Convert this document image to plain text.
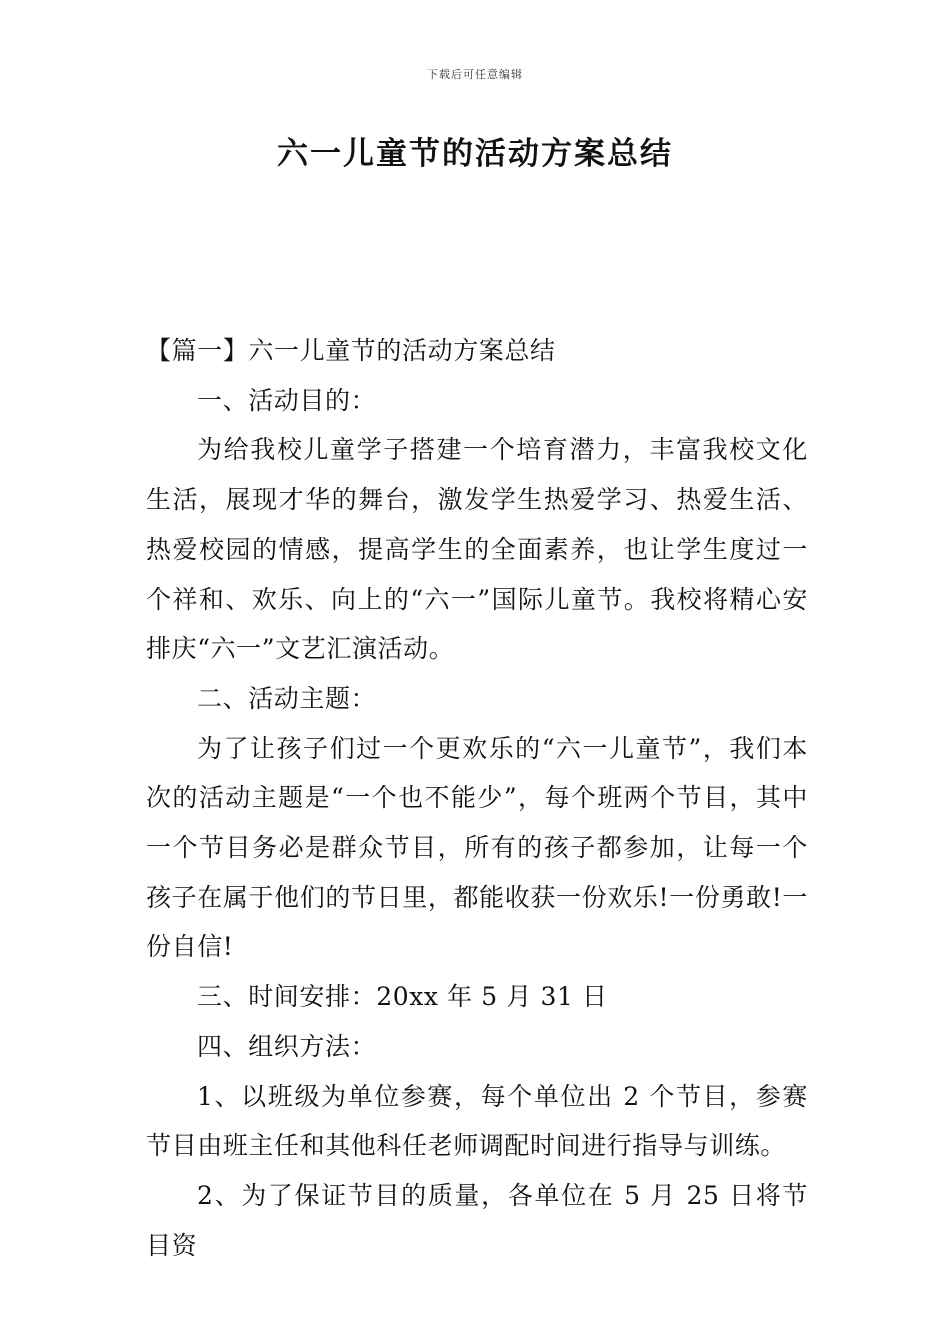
下载后可任意编辑
六一儿童节的活动方案总结

【篇一】六一儿童节的活动方案总结

一、活动目的：

为给我校儿童学子搭建一个培育潜力，丰富我校文化生活，展现才华的舞台，激发学生热爱学习、热爱生活、热爱校园的情感，提高学生的全面素养，也让学生度过一个祥和、欢乐、向上的“六一”国际儿童节。我校将精心安排庆“六一”文艺汇演活动。

二、活动主题：

为了让孩子们过一个更欢乐的“六一儿童节”，我们本次的活动主题是“一个也不能少”，每个班两个节目，其中一个节目务必是群众节目，所有的孩子都参加，让每一个孩子在属于他们的节日里，都能收获一份欢乐!一份勇敢!一份自信!

三、时间安排：20xx 年 5 月 31 日

四、组织方法：

1、以班级为单位参赛，每个单位出 2 个节目，参赛节目由班主任和其他科任老师调配时间进行指导与训练。

2、为了保证节目的质量，各单位在 5 月 25 日将节目资
